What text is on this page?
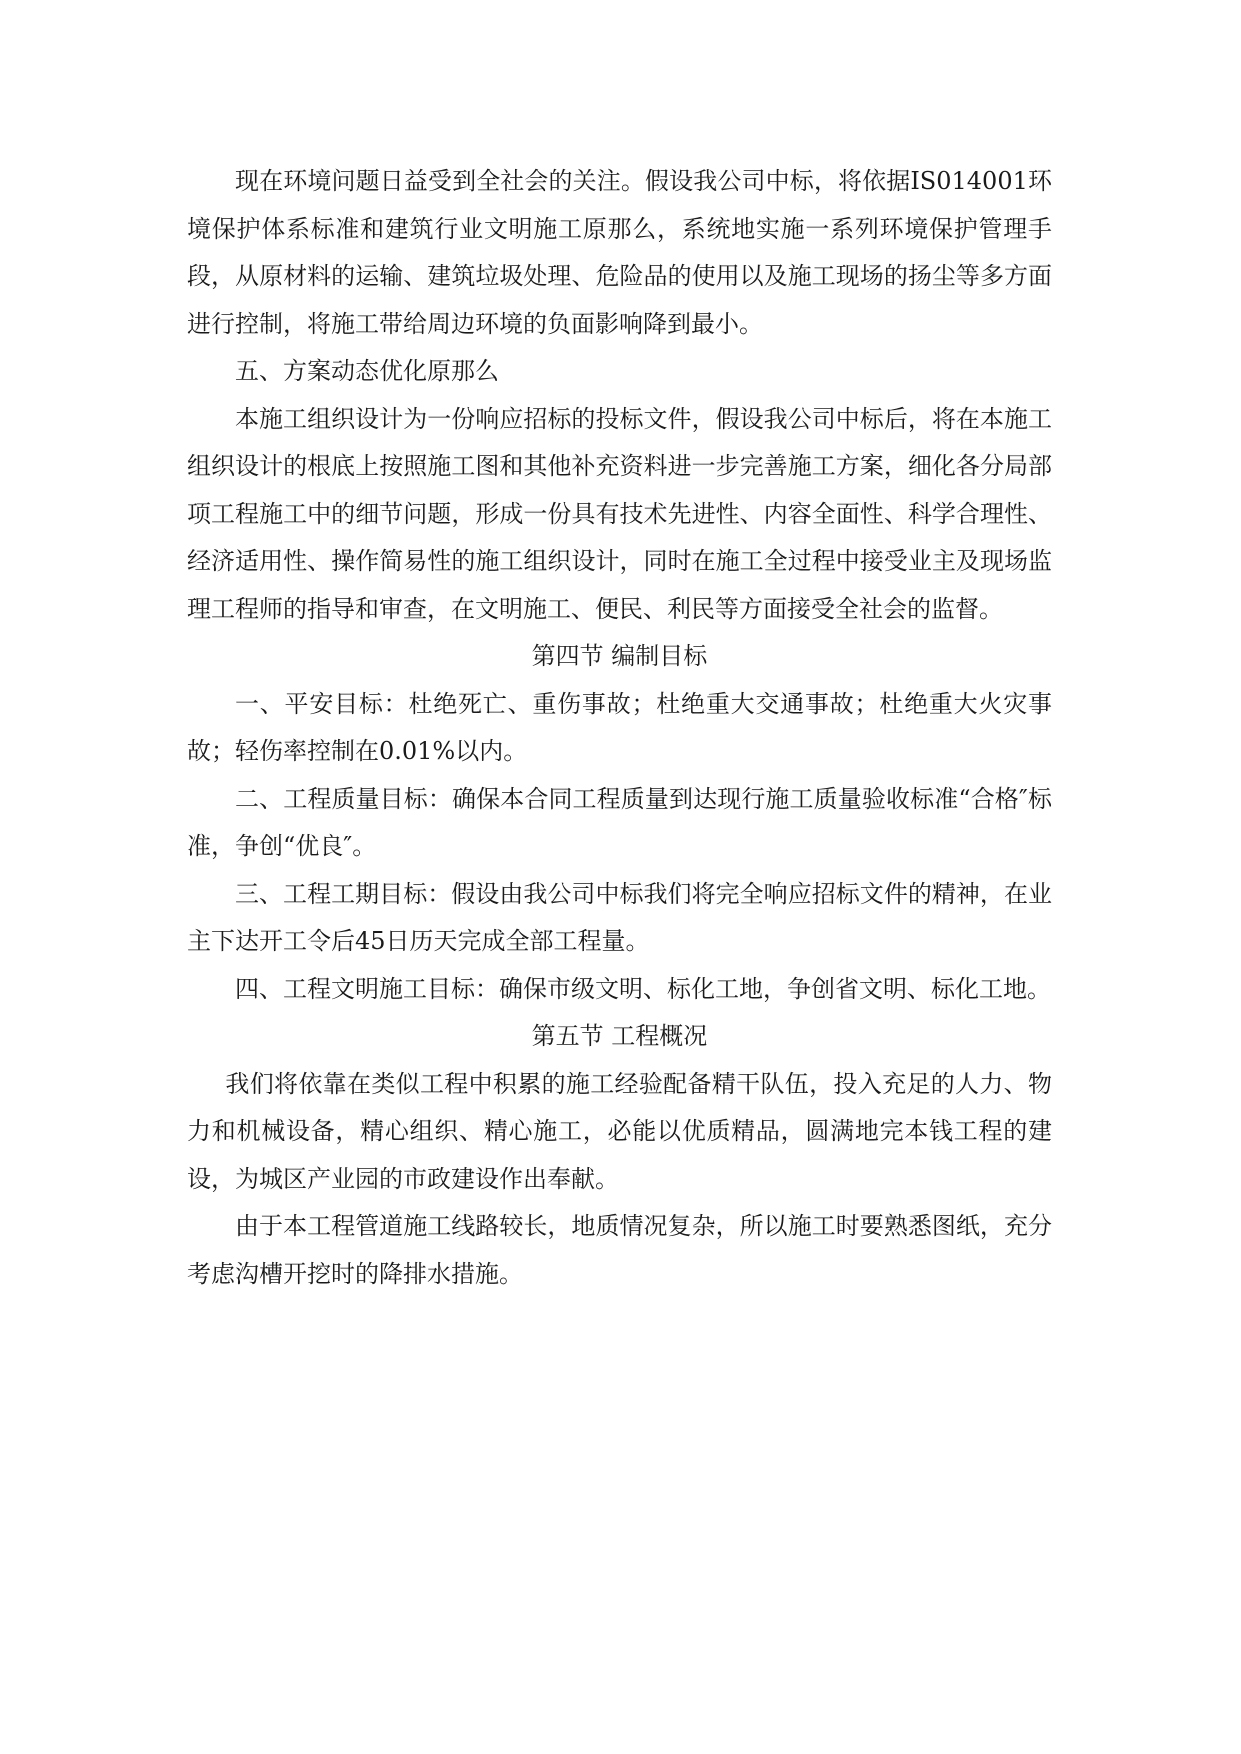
现在环境问题日益受到全社会的关注。假设我公司中标，将依据IS014001环境保护体系标准和建筑行业文明施工原那么，系统地实施一系列环境保护管理手段，从原材料的运输、建筑垃圾处理、危险品的使用以及施工现场的扬尘等多方面进行控制，将施工带给周边环境的负面影响降到最小。

五、方案动态优化原那么

本施工组织设计为一份响应招标的投标文件，假设我公司中标后，将在本施工组织设计的根底上按照施工图和其他补充资料进一步完善施工方案，细化各分局部项工程施工中的细节问题，形成一份具有技术先进性、内容全面性、科学合理性、经济适用性、操作简易性的施工组织设计，同时在施工全过程中接受业主及现场监理工程师的指导和审查，在文明施工、便民、利民等方面接受全社会的监督。

第四节 编制目标

一、平安目标：杜绝死亡、重伤事故；杜绝重大交通事故；杜绝重大火灾事故；轻伤率控制在0.01%以内。

二、工程质量目标：确保本合同工程质量到达现行施工质量验收标准“合格″标准，争创“优良″。

三、工程工期目标：假设由我公司中标我们将完全响应招标文件的精神，在业主下达开工令后45日历天完成全部工程量。

四、工程文明施工目标：确保市级文明、标化工地，争创省文明、标化工地。

第五节 工程概况

我们将依靠在类似工程中积累的施工经验配备精干队伍，投入充足的人力、物力和机械设备，精心组织、精心施工，必能以优质精品，圆满地完本钱工程的建设，为城区产业园的市政建设作出奉献。

由于本工程管道施工线路较长，地质情况复杂，所以施工时要熟悉图纸，充分考虑沟槽开挖时的降排水措施。
